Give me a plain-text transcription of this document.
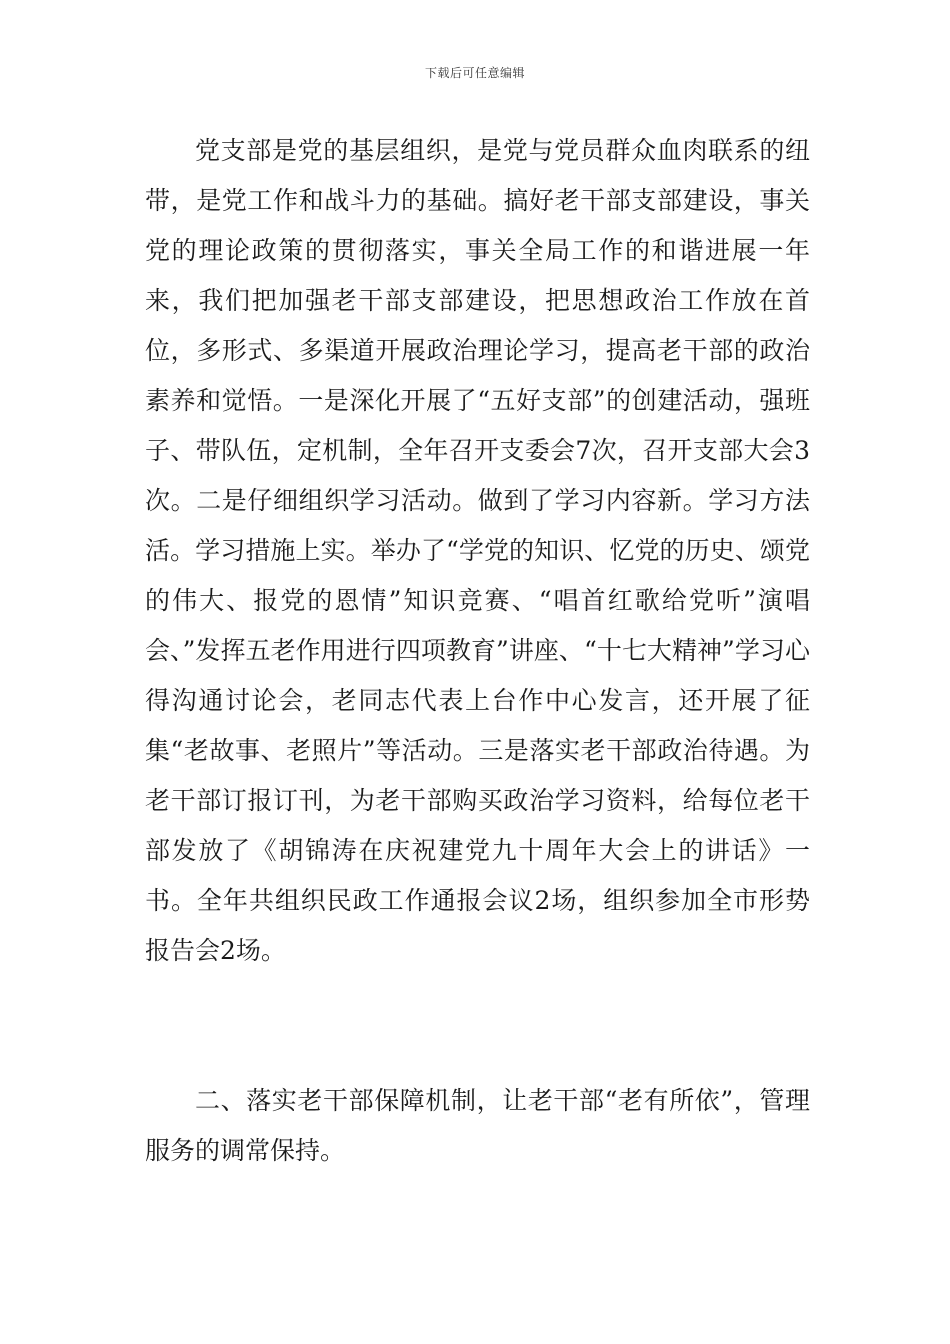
下载后可任意编辑

党支部是党的基层组织，是党与党员群众血肉联系的纽带，是党工作和战斗力的基础。搞好老干部支部建设，事关党的理论政策的贯彻落实，事关全局工作的和谐进展一年来，我们把加强老干部支部建设，把思想政治工作放在首位，多形式、多渠道开展政治理论学习，提高老干部的政治素养和觉悟。一是深化开展了“五好支部”的创建活动，强班子、带队伍，定机制，全年召开支委会7次，召开支部大会3次。二是仔细组织学习活动。做到了学习内容新。学习方法活。学习措施上实。举办了“学党的知识、忆党的历史、颂党的伟大、报党的恩情”知识竞赛、“唱首红歌给党听”演唱会、”发挥五老作用进行四项教育”讲座、“十七大精神”学习心得沟通讨论会，老同志代表上台作中心发言，还开展了征集“老故事、老照片”等活动。三是落实老干部政治待遇。为老干部订报订刊，为老干部购买政治学习资料，给每位老干部发放了《胡锦涛在庆祝建党九十周年大会上的讲话》一书。全年共组织民政工作通报会议2场，组织参加全市形势报告会2场。

二、落实老干部保障机制，让老干部“老有所依”，管理服务的调常保持。
